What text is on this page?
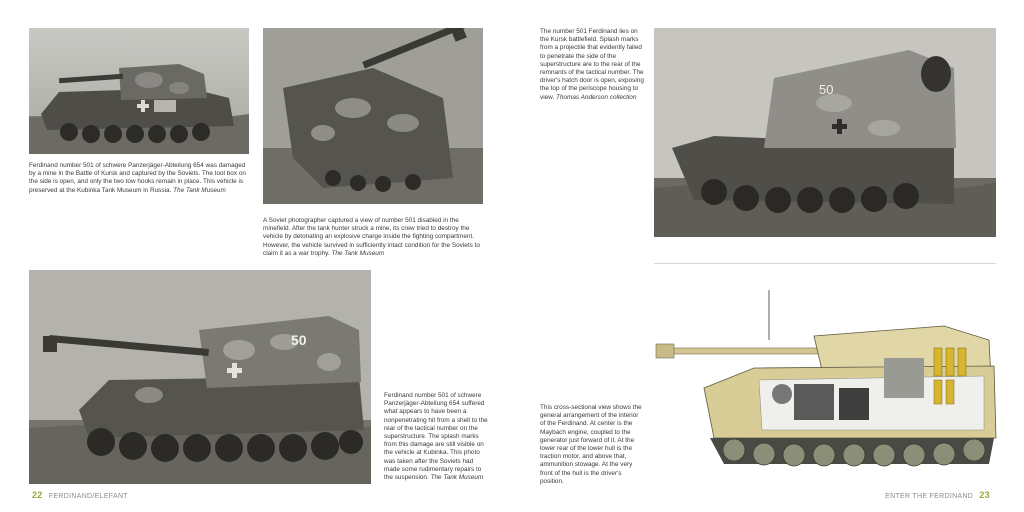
Ferdinand number 501 of schwere Panzerjäger-Abteilung 654 was damaged by a mine in the Battle of Kursk and captured by the Soviets. The tool box on the side is open, and only the two tow hooks remain in place. This vehicle is preserved at the Kubinka Tank Museum in Russia. The Tank Museum

A Soviet photographer captured a view of number 501 disabled in the minefield. After the tank hunter struck a mine, its crew tried to destroy the vehicle by detonating an explosive charge inside the fighting compartment. However, the vehicle survived in sufficiently intact condition for the Soviets to claim it as a war trophy. The Tank Museum

50

Ferdinand number 501 of schwere Panzerjäger-Abteilung 654 suffered what appears to have been a nonpenetrating hit from a shell to the rear of the tactical number on the superstructure. The splash marks from this damage are still visible on the vehicle at Kubinka. This photo was taken after the Soviets had made some rudimentary repairs to the suspension. The Tank Museum

22 FERDINAND/ELEFANT

The number 501 Ferdinand lies on the Kursk battlefield. Splash marks from a projectile that evidently failed to penetrate the side of the superstructure are to the rear of the remnants of the tactical number. The driver's hatch door is open, exposing the top of the periscope housing to view. Thomas Anderson collection

50

This cross-sectional view shows the general arrangement of the interior of the Ferdinand. At center is the Maybach engine, coupled to the generator just forward of it. At the lower rear of the lower hull is the traction motor, and above that, ammunition stowage. At the very front of the hull is the driver's position.

ENTER THE FERDINAND 23
